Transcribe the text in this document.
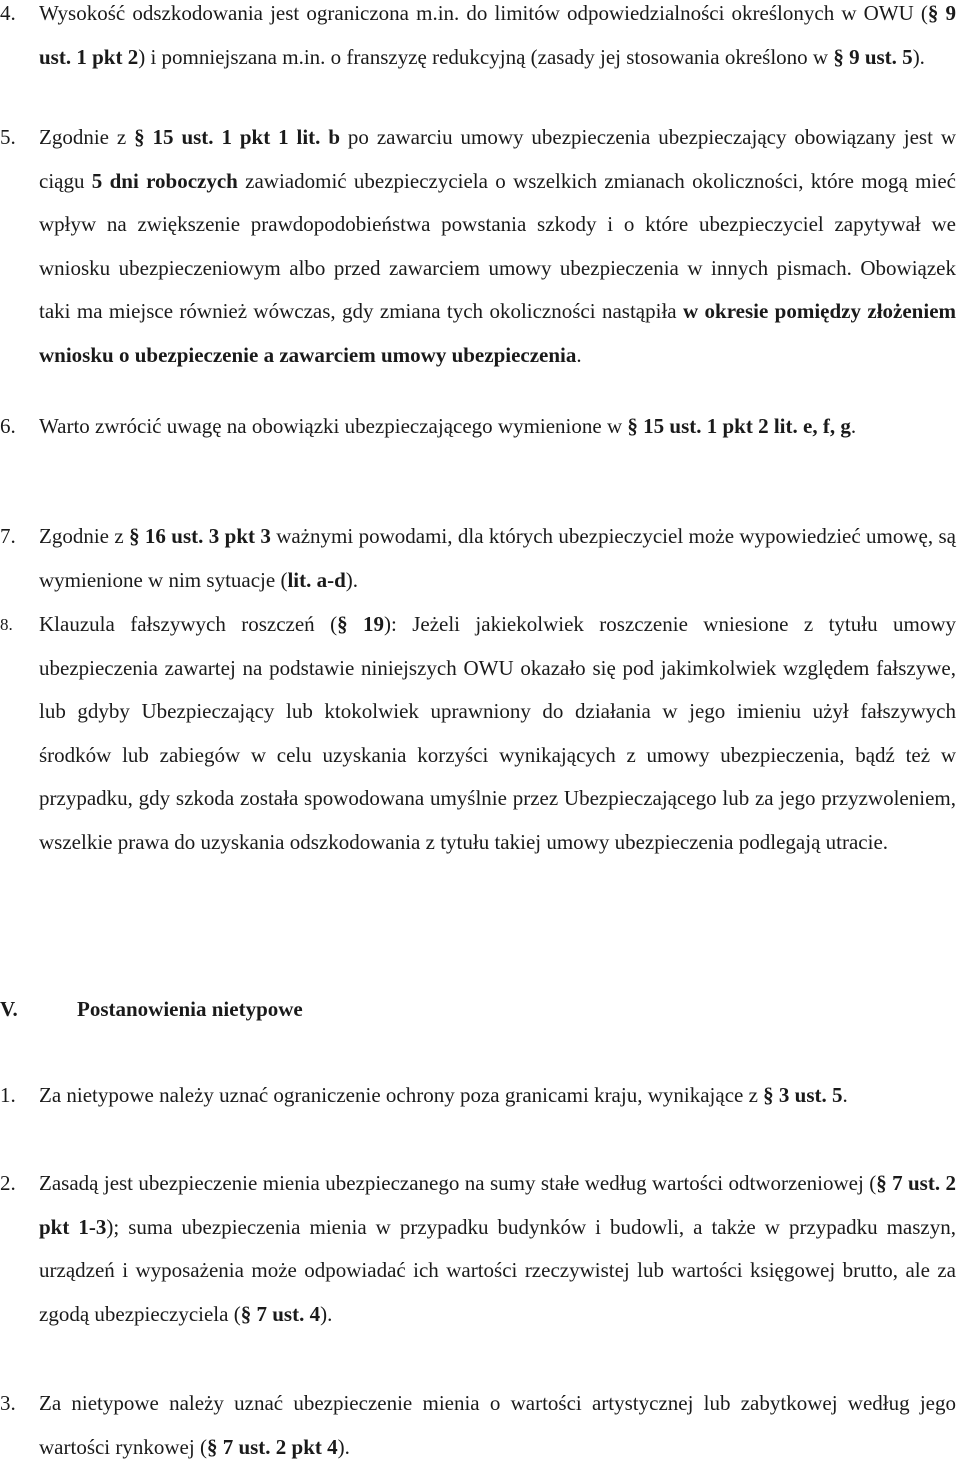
4.	Wysokość odszkodowania jest ograniczona m.in. do limitów odpowiedzialności określonych w OWU (§ 9 ust. 1 pkt 2) i pomniejszana m.in. o franszyzę redukcyjną (zasady jej stosowania określono w § 9 ust. 5).
5.	Zgodnie z § 15 ust. 1 pkt 1 lit. b po zawarciu umowy ubezpieczenia ubezpieczający obowiązany jest w ciągu 5 dni roboczych zawiadomić ubezpieczyciela o wszelkich zmianach okoliczności, które mogą mieć wpływ na zwiększenie prawdopodobieństwa powstania szkody i o które ubezpieczyciel zapytywał we wniosku ubezpieczeniowym albo przed zawarciem umowy ubezpieczenia w innych pismach. Obowiązek taki ma miejsce również wówczas, gdy zmiana tych okoliczności nastąpiła w okresie pomiędzy złożeniem wniosku o ubezpieczenie a zawarciem umowy ubezpieczenia.
6.	Warto zwrócić uwagę na obowiązki ubezpieczającego wymienione w § 15 ust. 1 pkt 2 lit. e, f, g.
7.	Zgodnie z § 16 ust. 3 pkt 3 ważnymi powodami, dla których ubezpieczyciel może wypowiedzieć umowę, są wymienione w nim sytuacje (lit. a-d).
8.	Klauzula fałszywych roszczeń (§ 19): Jeżeli jakiekolwiek roszczenie wniesione z tytułu umowy ubezpieczenia zawartej na podstawie niniejszych OWU okazało się pod jakimkolwiek względem fałszywe, lub gdyby Ubezpieczający lub ktokolwiek uprawniony do działania w jego imieniu użył fałszywych środków lub zabiegów w celu uzyskania korzyści wynikających z umowy ubezpieczenia, bądź też w przypadku, gdy szkoda została spowodowana umyślnie przez Ubezpieczającego lub za jego przyzwoleniem, wszelkie prawa do uzyskania odszkodowania z tytułu takiej umowy ubezpieczenia podlegają utracie.
V.	Postanowienia nietypowe
1.	Za nietypowe należy uznać ograniczenie ochrony poza granicami kraju, wynikające z § 3 ust. 5.
2.	Zasadą jest ubezpieczenie mienia ubezpieczanego na sumy stałe według wartości odtworzeniowej (§ 7 ust. 2 pkt 1-3); suma ubezpieczenia mienia w przypadku budynków i budowli, a także w przypadku maszyn, urządzeń i wyposażenia może odpowiadać ich wartości rzeczywistej lub wartości księgowej brutto, ale za zgodą ubezpieczyciela (§ 7 ust. 4).
3.	Za nietypowe należy uznać ubezpieczenie mienia o wartości artystycznej lub zabytkowej według jego wartości rynkowej (§ 7 ust. 2 pkt 4).
